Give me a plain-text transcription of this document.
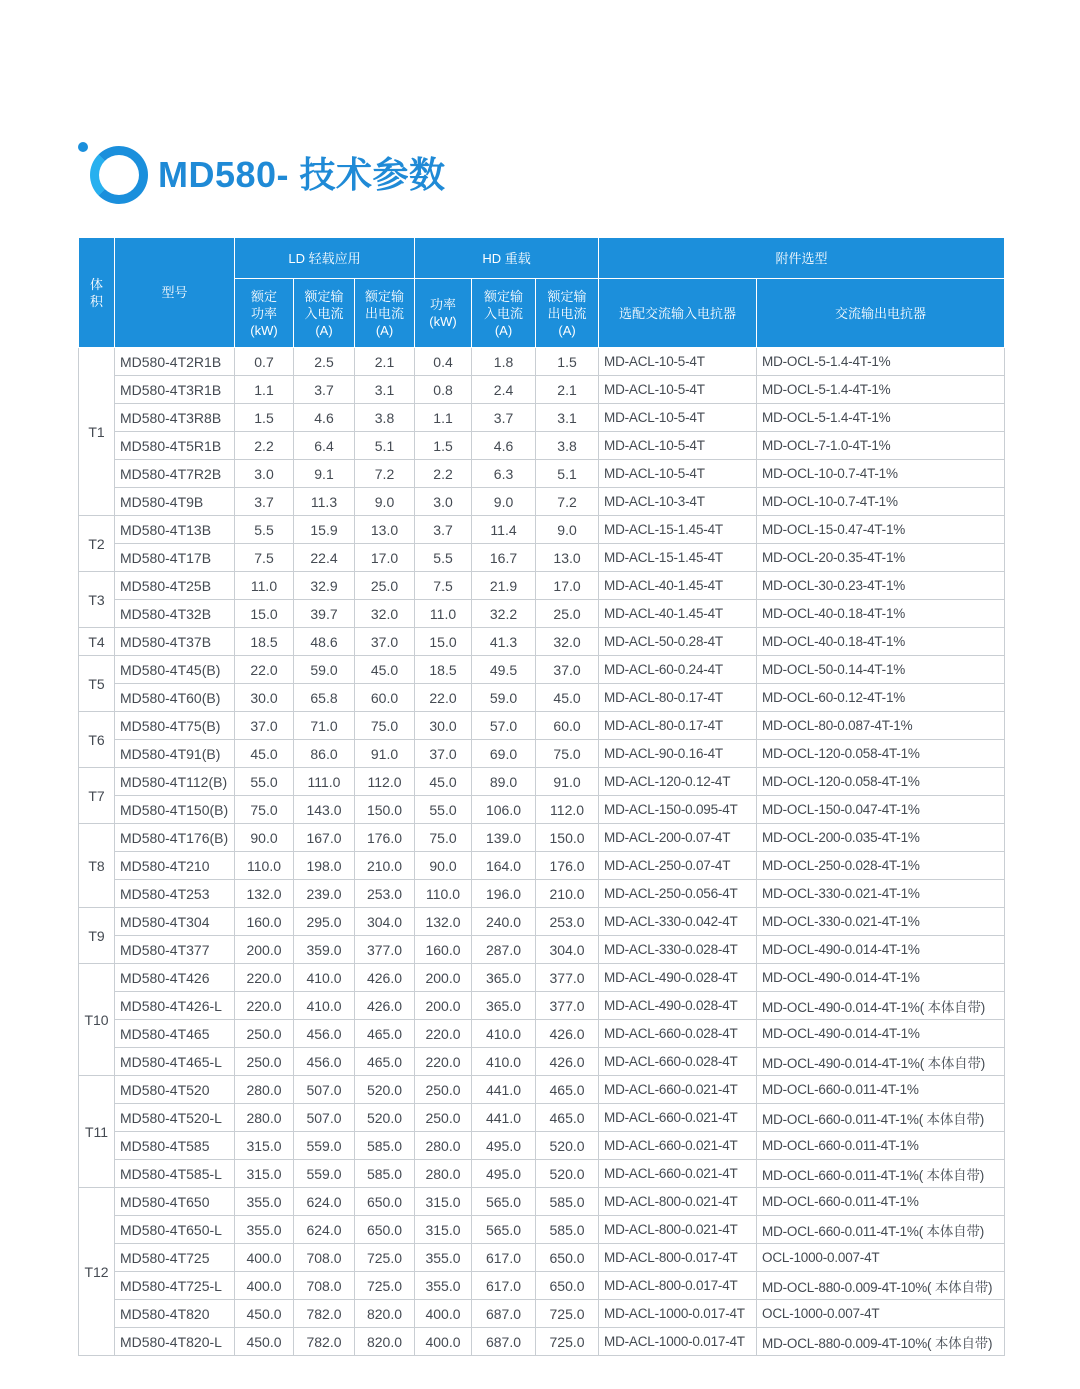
MD580- 技术参数
体积	型号	LD 轻载应用			HD 重载			附件选型	
		额定功率(kW)	额定输入电流(A)	额定输出电流(A)	功率 (kW)	额定输入电流(A)	额定输出电流(A)	选配交流输入电抗器	交流输出电抗器
T1	MD580-4T2R1B	0.7	2.5	2.1	0.4	1.8	1.5	MD-ACL-10-5-4T	MD-OCL-5-1.4-4T-1%
	MD580-4T3R1B	1.1	3.7	3.1	0.8	2.4	2.1	MD-ACL-10-5-4T	MD-OCL-5-1.4-4T-1%
	MD580-4T3R8B	1.5	4.6	3.8	1.1	3.7	3.1	MD-ACL-10-5-4T	MD-OCL-5-1.4-4T-1%
	MD580-4T5R1B	2.2	6.4	5.1	1.5	4.6	3.8	MD-ACL-10-5-4T	MD-OCL-7-1.0-4T-1%
	MD580-4T7R2B	3.0	9.1	7.2	2.2	6.3	5.1	MD-ACL-10-5-4T	MD-OCL-10-0.7-4T-1%
	MD580-4T9B	3.7	11.3	9.0	3.0	9.0	7.2	MD-ACL-10-3-4T	MD-OCL-10-0.7-4T-1%
T2	MD580-4T13B	5.5	15.9	13.0	3.7	11.4	9.0	MD-ACL-15-1.45-4T	MD-OCL-15-0.47-4T-1%
	MD580-4T17B	7.5	22.4	17.0	5.5	16.7	13.0	MD-ACL-15-1.45-4T	MD-OCL-20-0.35-4T-1%
T3	MD580-4T25B	11.0	32.9	25.0	7.5	21.9	17.0	MD-ACL-40-1.45-4T	MD-OCL-30-0.23-4T-1%
	MD580-4T32B	15.0	39.7	32.0	11.0	32.2	25.0	MD-ACL-40-1.45-4T	MD-OCL-40-0.18-4T-1%
T4	MD580-4T37B	18.5	48.6	37.0	15.0	41.3	32.0	MD-ACL-50-0.28-4T	MD-OCL-40-0.18-4T-1%
T5	MD580-4T45(B)	22.0	59.0	45.0	18.5	49.5	37.0	MD-ACL-60-0.24-4T	MD-OCL-50-0.14-4T-1%
	MD580-4T60(B)	30.0	65.8	60.0	22.0	59.0	45.0	MD-ACL-80-0.17-4T	MD-OCL-60-0.12-4T-1%
T6	MD580-4T75(B)	37.0	71.0	75.0	30.0	57.0	60.0	MD-ACL-80-0.17-4T	MD-OCL-80-0.087-4T-1%
	MD580-4T91(B)	45.0	86.0	91.0	37.0	69.0	75.0	MD-ACL-90-0.16-4T	MD-OCL-120-0.058-4T-1%
T7	MD580-4T112(B)	55.0	111.0	112.0	45.0	89.0	91.0	MD-ACL-120-0.12-4T	MD-OCL-120-0.058-4T-1%
	MD580-4T150(B)	75.0	143.0	150.0	55.0	106.0	112.0	MD-ACL-150-0.095-4T	MD-OCL-150-0.047-4T-1%
T8	MD580-4T176(B)	90.0	167.0	176.0	75.0	139.0	150.0	MD-ACL-200-0.07-4T	MD-OCL-200-0.035-4T-1%
	MD580-4T210	110.0	198.0	210.0	90.0	164.0	176.0	MD-ACL-250-0.07-4T	MD-OCL-250-0.028-4T-1%
	MD580-4T253	132.0	239.0	253.0	110.0	196.0	210.0	MD-ACL-250-0.056-4T	MD-OCL-330-0.021-4T-1%
T9	MD580-4T304	160.0	295.0	304.0	132.0	240.0	253.0	MD-ACL-330-0.042-4T	MD-OCL-330-0.021-4T-1%
	MD580-4T377	200.0	359.0	377.0	160.0	287.0	304.0	MD-ACL-330-0.028-4T	MD-OCL-490-0.014-4T-1%
T10	MD580-4T426	220.0	410.0	426.0	200.0	365.0	377.0	MD-ACL-490-0.028-4T	MD-OCL-490-0.014-4T-1%
	MD580-4T426-L	220.0	410.0	426.0	200.0	365.0	377.0	MD-ACL-490-0.028-4T	MD-OCL-490-0.014-4T-1%( 本体自带)
	MD580-4T465	250.0	456.0	465.0	220.0	410.0	426.0	MD-ACL-660-0.028-4T	MD-OCL-490-0.014-4T-1%
	MD580-4T465-L	250.0	456.0	465.0	220.0	410.0	426.0	MD-ACL-660-0.028-4T	MD-OCL-490-0.014-4T-1%( 本体自带)
T11	MD580-4T520	280.0	507.0	520.0	250.0	441.0	465.0	MD-ACL-660-0.021-4T	MD-OCL-660-0.011-4T-1%
	MD580-4T520-L	280.0	507.0	520.0	250.0	441.0	465.0	MD-ACL-660-0.021-4T	MD-OCL-660-0.011-4T-1%( 本体自带)
	MD580-4T585	315.0	559.0	585.0	280.0	495.0	520.0	MD-ACL-660-0.021-4T	MD-OCL-660-0.011-4T-1%
	MD580-4T585-L	315.0	559.0	585.0	280.0	495.0	520.0	MD-ACL-660-0.021-4T	MD-OCL-660-0.011-4T-1%( 本体自带)
T12	MD580-4T650	355.0	624.0	650.0	315.0	565.0	585.0	MD-ACL-800-0.021-4T	MD-OCL-660-0.011-4T-1%
	MD580-4T650-L	355.0	624.0	650.0	315.0	565.0	585.0	MD-ACL-800-0.021-4T	MD-OCL-660-0.011-4T-1%( 本体自带)
	MD580-4T725	400.0	708.0	725.0	355.0	617.0	650.0	MD-ACL-800-0.017-4T	OCL-1000-0.007-4T
	MD580-4T725-L	400.0	708.0	725.0	355.0	617.0	650.0	MD-ACL-800-0.017-4T	MD-OCL-880-0.009-4T-10%( 本体自带)
	MD580-4T820	450.0	782.0	820.0	400.0	687.0	725.0	MD-ACL-1000-0.017-4T	OCL-1000-0.007-4T
	MD580-4T820-L	450.0	782.0	820.0	400.0	687.0	725.0	MD-ACL-1000-0.017-4T	MD-OCL-880-0.009-4T-10%( 本体自带)
